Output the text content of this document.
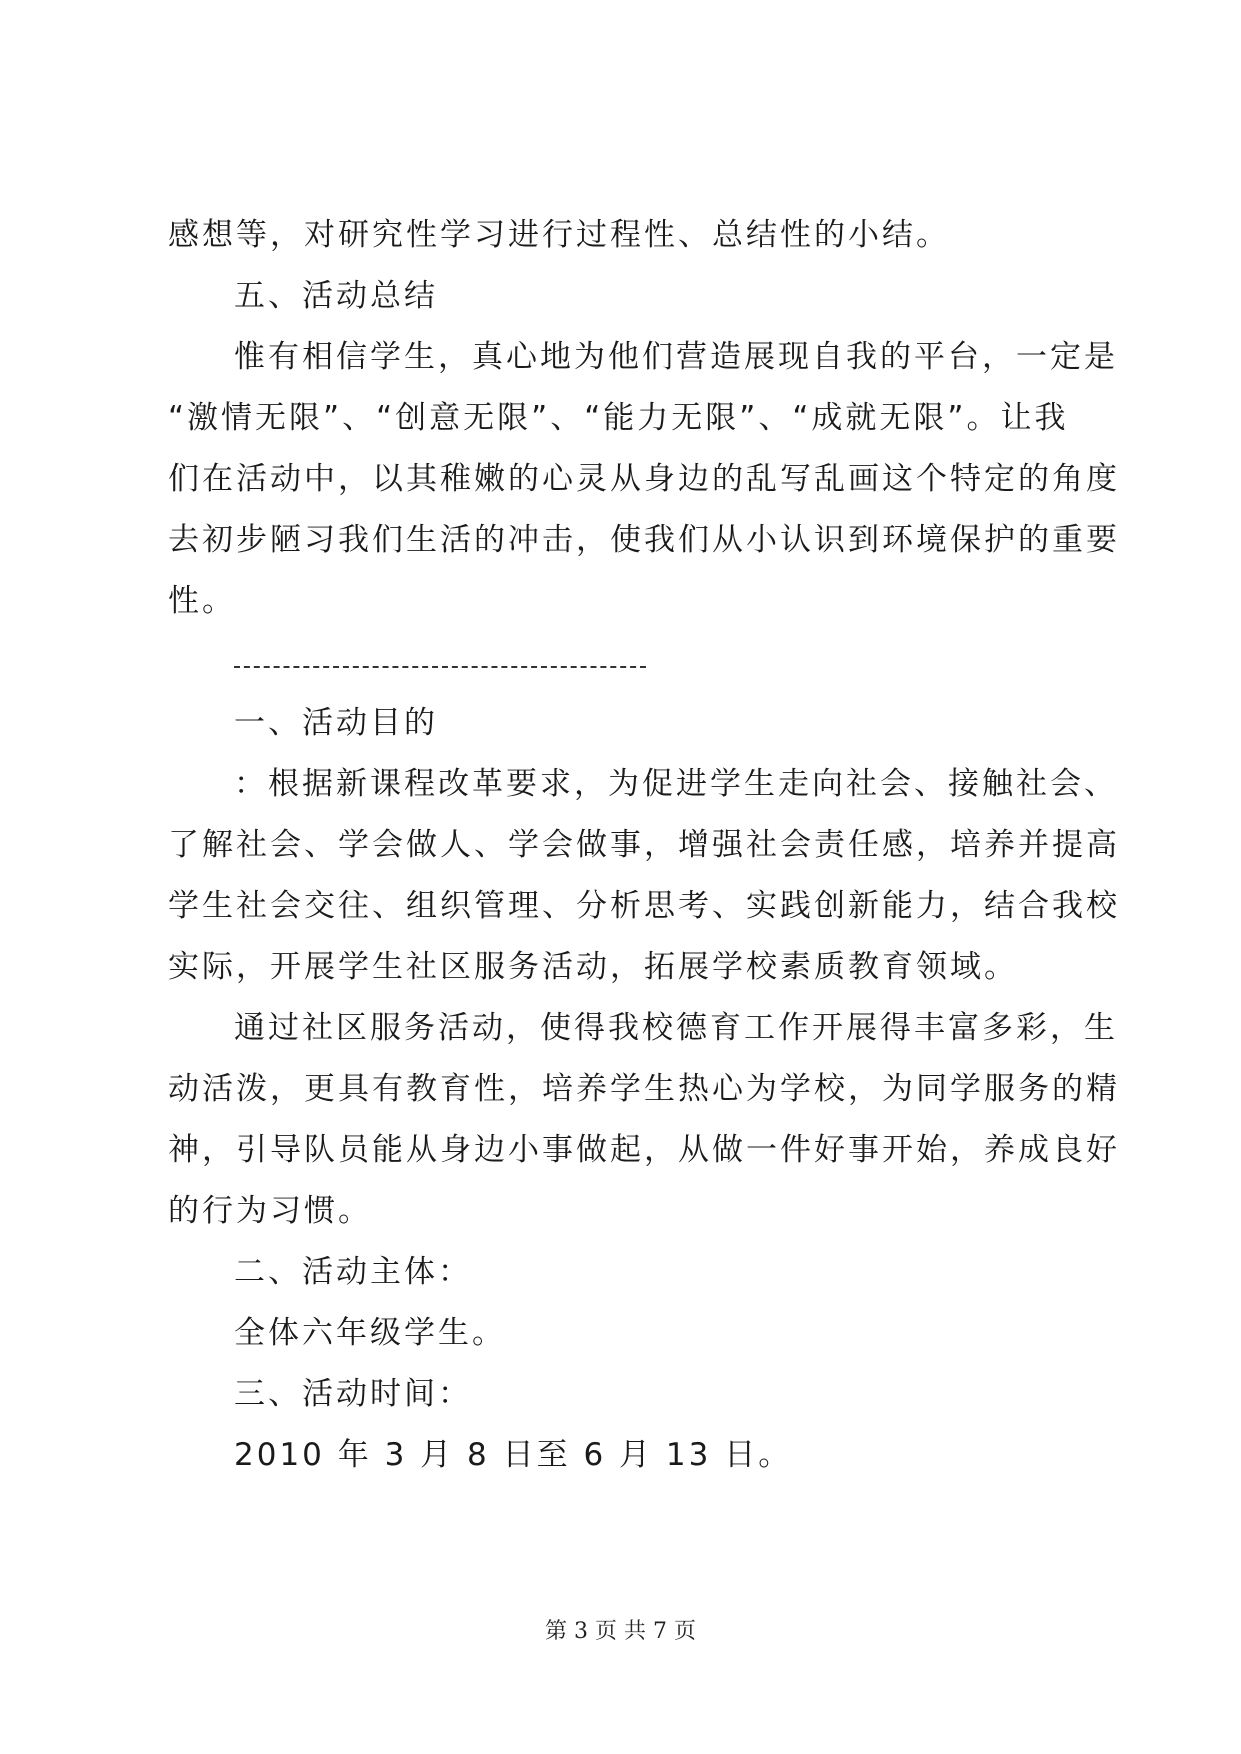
感想等，对研究性学习进行过程性、总结性的小结。
五、活动总结
惟有相信学生，真心地为他们营造展现自我的平台，一定是
“激情无限”、“创意无限”、“能力无限”、“成就无限”。让我
们在活动中，以其稚嫩的心灵从身边的乱写乱画这个特定的角度
去初步陋习我们生活的冲击，使我们从小认识到环境保护的重要
性。
一、活动目的
：根据新课程改革要求，为促进学生走向社会、接触社会、
了解社会、学会做人、学会做事，增强社会责任感，培养并提高
学生社会交往、组织管理、分析思考、实践创新能力，结合我校
实际，开展学生社区服务活动，拓展学校素质教育领域。
通过社区服务活动，使得我校德育工作开展得丰富多彩，生
动活泼，更具有教育性，培养学生热心为学校，为同学服务的精
神，引导队员能从身边小事做起，从做一件好事开始，养成良好
的行为习惯。
二、活动主体：
全体六年级学生。
三、活动时间：
2010 年 3 月 8 日至 6 月 13 日。
第 3 页 共 7 页
